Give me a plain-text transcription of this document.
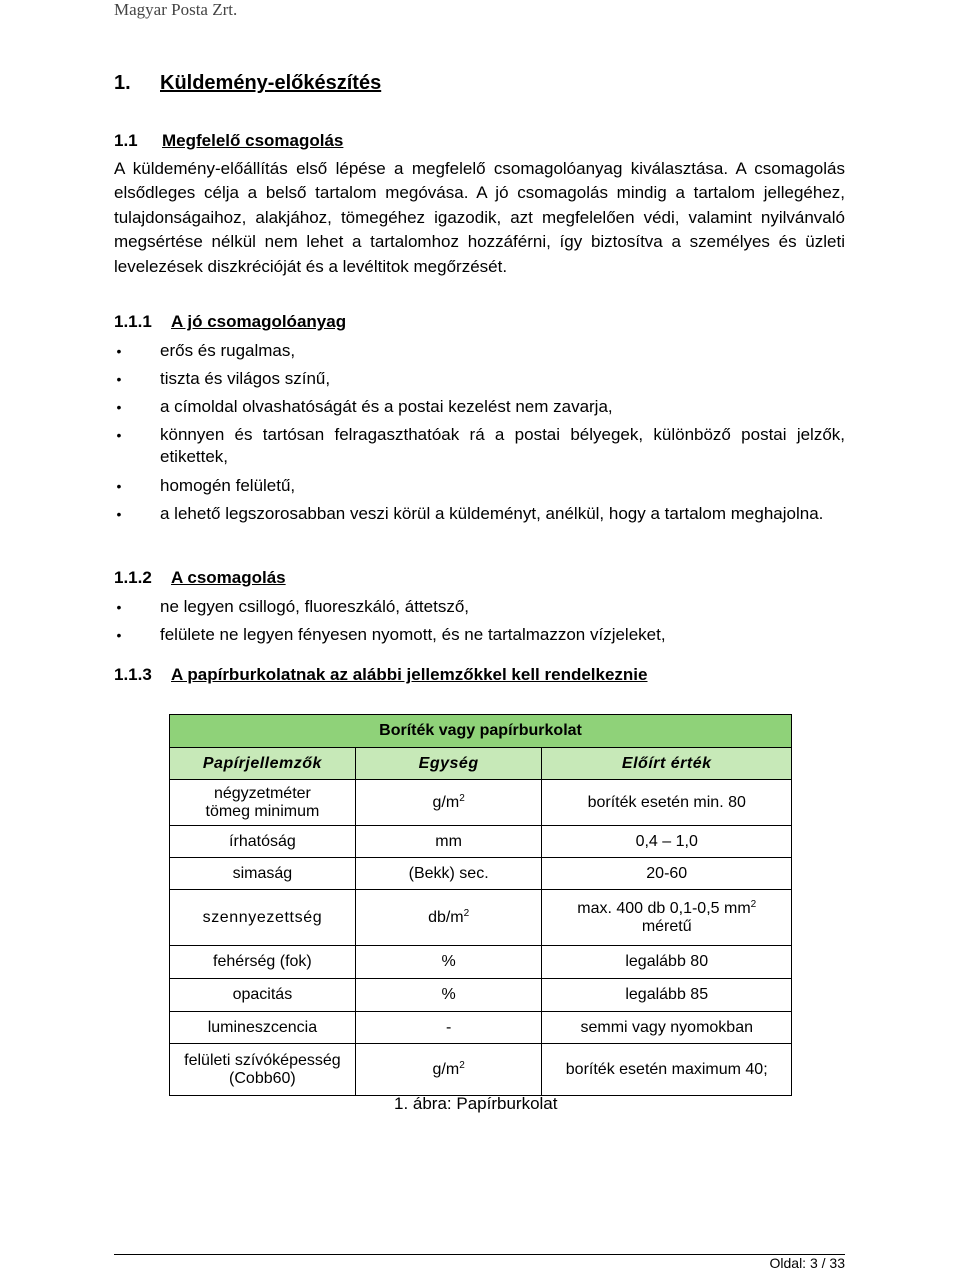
Magyar Posta Zrt.
1. Küldemény-előkészítés
1.1 Megfelelő csomagolás
A küldemény-előállítás első lépése a megfelelő csomagolóanyag kiválasztása. A csomagolás elsődleges célja a belső tartalom megóvása. A jó csomagolás mindig a tartalom jellegéhez, tulajdonságaihoz, alakjához, tömegéhez igazodik, azt megfelelően védi, valamint nyilvánvaló megsértése nélkül nem lehet a tartalomhoz hozzáférni, így biztosítva a személyes és üzleti levelezések diszkrécióját és a levéltitok megőrzését.
1.1.1 A jó csomagolóanyag
• erős és rugalmas,
• tiszta és világos színű,
• a címoldal olvashatóságát és a postai kezelést nem zavarja,
• könnyen és tartósan felragaszthatóak rá a postai bélyegek, különböző postai jelzők, etikettek,
• homogén felületű,
• a lehető legszorosabban veszi körül a küldeményt, anélkül, hogy a tartalom meghajolna.
1.1.2 A csomagolás
• ne legyen csillogó, fluoreszkáló, áttetsző,
• felülete ne legyen fényesen nyomott, és ne tartalmazzon vízjeleket,
1.1.3 A papírburkolatnak az alábbi jellemzőkkel kell rendelkeznie
Boríték vagy papírburkolat		
Papírjellemzők	Egység	Előírt érték
négyzetméter
tömeg minimum	$g/m^2$	boríték esetén min. 80
írhatóság	mm	0,4 – 1,0
simaság	(Bekk) sec.	20-60
szennyezettség	$db/m^2$	max. 400 db 0,1-0,5 $mm^2$
méretű
fehérség (fok)	%	legalább 80
opacitás	%	legalább 85
lumineszcencia	-	semmi vagy nyomokban
felületi szívóképesség
(Cobb60)	$g/m^2$	boríték esetén maximum 40;
1. ábra: Papírburkolat
Oldal: 3 / 33
